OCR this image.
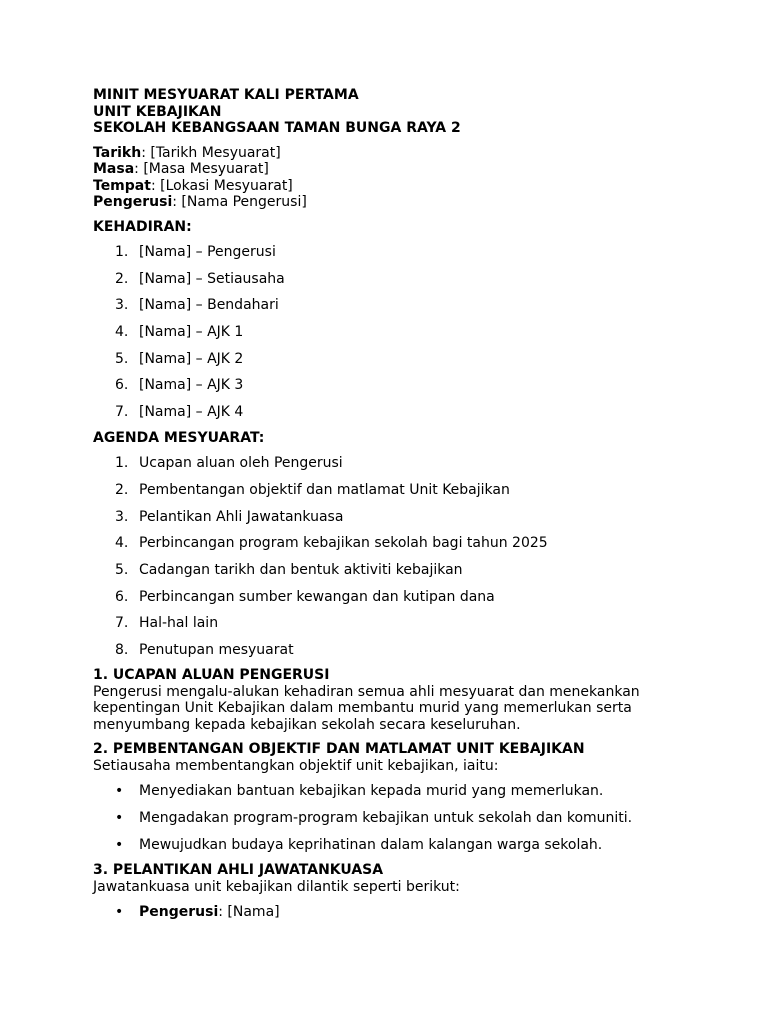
MINIT MESYUARAT KALI PERTAMA
UNIT KEBAJIKAN
SEKOLAH KEBANGSAAN TAMAN BUNGA RAYA 2
Tarikh: [Tarikh Mesyuarat]
Masa: [Masa Mesyuarat]
Tempat: [Lokasi Mesyuarat]
Pengerusi: [Nama Pengerusi]
KEHADIRAN:
1. [Nama] – Pengerusi
2. [Nama] – Setiausaha
3. [Nama] – Bendahari
4. [Nama] – AJK 1
5. [Nama] – AJK 2
6. [Nama] – AJK 3
7. [Nama] – AJK 4
AGENDA MESYUARAT:
1. Ucapan aluan oleh Pengerusi
2. Pembentangan objektif dan matlamat Unit Kebajikan
3. Pelantikan Ahli Jawatankuasa
4. Perbincangan program kebajikan sekolah bagi tahun 2025
5. Cadangan tarikh dan bentuk aktiviti kebajikan
6. Perbincangan sumber kewangan dan kutipan dana
7. Hal-hal lain
8. Penutupan mesyuarat
1. UCAPAN ALUAN PENGERUSI

Pengerusi mengalu-alukan kehadiran semua ahli mesyuarat dan menekankan

kepentingan Unit Kebajikan dalam membantu murid yang memerlukan serta

menyumbang kepada kebajikan sekolah secara keseluruhan.

2. PEMBENTANGAN OBJEKTIF DAN MATLAMAT UNIT KEBAJIKAN

Setiausaha membentangkan objektif unit kebajikan, iaitu:

• Menyediakan bantuan kebajikan kepada murid yang memerlukan.
• Mengadakan program-program kebajikan untuk sekolah dan komuniti.
• Mewujudkan budaya keprihatinan dalam kalangan warga sekolah.
3. PELANTIKAN AHLI JAWATANKUASA

Jawatankuasa unit kebajikan dilantik seperti berikut:

• Pengerusi: [Nama]
